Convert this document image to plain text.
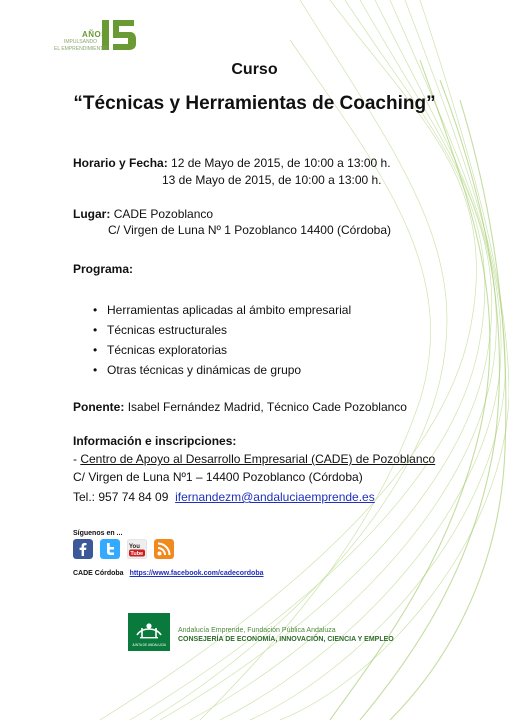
AÑOS
IMPULSANDO
EL EMPRENDIMIENTO
Curso
“Técnicas y Herramientas de Coaching”
Horario y Fecha: 12 de Mayo de 2015, de 10:00 a 13:00 h.
13 de Mayo de 2015, de 10:00 a 13:00 h.
Lugar: CADE Pozoblanco
C/ Virgen de Luna Nº 1 Pozoblanco 14400 (Córdoba)
Programa:
• Herramientas aplicadas al ámbito empresarial
• Técnicas estructurales
• Técnicas exploratorias
• Otras técnicas y dinámicas de grupo
Ponente: Isabel Fernández Madrid, Técnico Cade Pozoblanco
Información e inscripciones:
- Centro de Apoyo al Desarrollo Empresarial (CADE) de Pozoblanco
C/ Virgen de Luna Nº1 – 14400 Pozoblanco (Córdoba)
Tel.: 957 74 84 09 ifernandezm@andaluciaemprende.es
Síguenos en ...
You
Tube
CADE Córdoba https://www.facebook.com/cadecordoba
JUNTA DE ANDALUCIA
Andalucía Emprende, Fundación Pública Andaluza
CONSEJERÍA DE ECONOMÍA, INNOVACIÓN, CIENCIA Y EMPLEO
